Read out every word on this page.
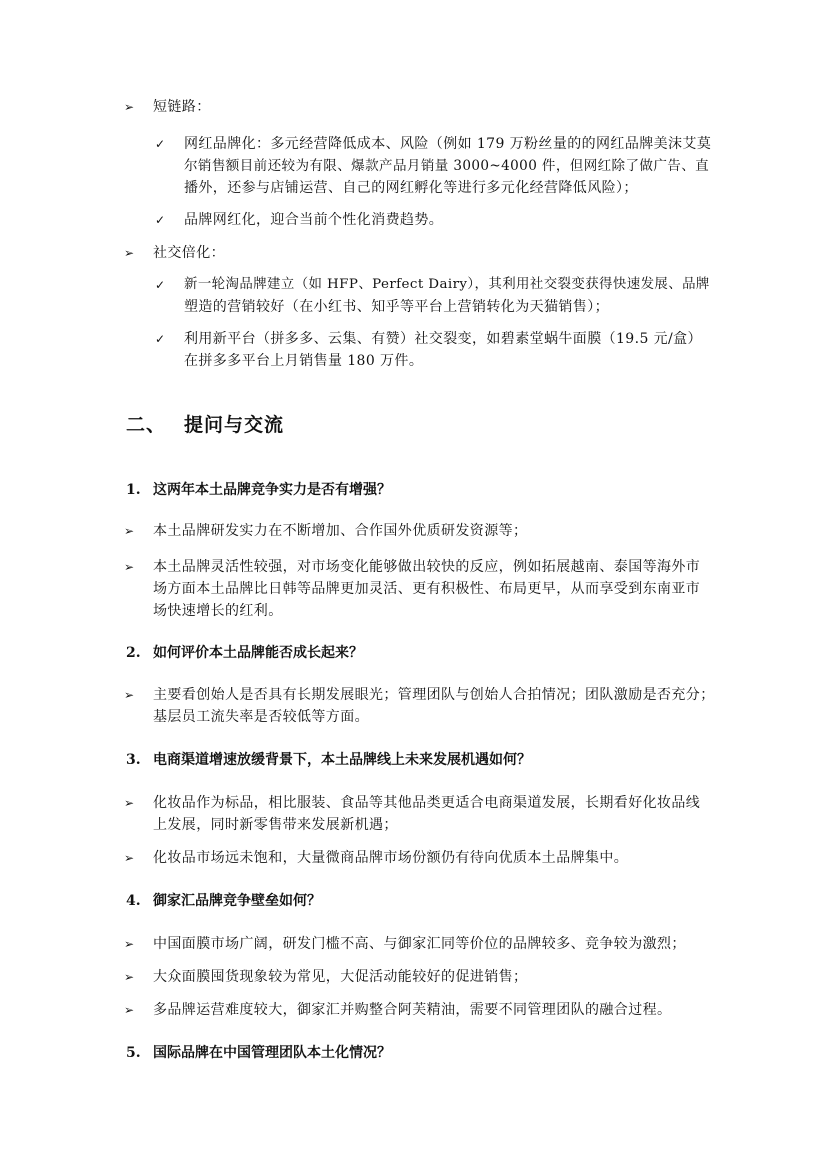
➢ 短链路：
✓ 网红品牌化：多元经营降低成本、风险（例如 179 万粉丝量的的网红品牌美沫艾莫
尔销售额目前还较为有限、爆款产品月销量 3000~4000 件，但网红除了做广告、直
播外，还参与店铺运营、自己的网红孵化等进行多元化经营降低风险）；
✓ 品牌网红化，迎合当前个性化消费趋势。
➢ 社交倍化：
✓ 新一轮淘品牌建立（如 HFP、Perfect Dairy），其利用社交裂变获得快速发展、品牌
塑造的营销较好（在小红书、知乎等平台上营销转化为天猫销售）；
✓ 利用新平台（拼多多、云集、有赞）社交裂变，如碧素堂蜗牛面膜（19.5 元/盒）
在拼多多平台上月销售量 180 万件。
二、 提问与交流
1. 这两年本土品牌竞争实力是否有增强？
➢ 本土品牌研发实力在不断增加、合作国外优质研发资源等；
➢ 本土品牌灵活性较强，对市场变化能够做出较快的反应，例如拓展越南、泰国等海外市
场方面本土品牌比日韩等品牌更加灵活、更有积极性、布局更早，从而享受到东南亚市
场快速增长的红利。
2. 如何评价本土品牌能否成长起来？
➢ 主要看创始人是否具有长期发展眼光；管理团队与创始人合拍情况；团队激励是否充分；
基层员工流失率是否较低等方面。
3. 电商渠道增速放缓背景下，本土品牌线上未来发展机遇如何？
➢ 化妆品作为标品，相比服装、食品等其他品类更适合电商渠道发展，长期看好化妆品线
上发展，同时新零售带来发展新机遇；
➢ 化妆品市场远未饱和，大量微商品牌市场份额仍有待向优质本土品牌集中。
4. 御家汇品牌竞争壁垒如何？
➢ 中国面膜市场广阔，研发门槛不高、与御家汇同等价位的品牌较多、竞争较为激烈；
➢ 大众面膜囤货现象较为常见，大促活动能较好的促进销售；
➢ 多品牌运营难度较大，御家汇并购整合阿芙精油，需要不同管理团队的融合过程。
5. 国际品牌在中国管理团队本土化情况？
